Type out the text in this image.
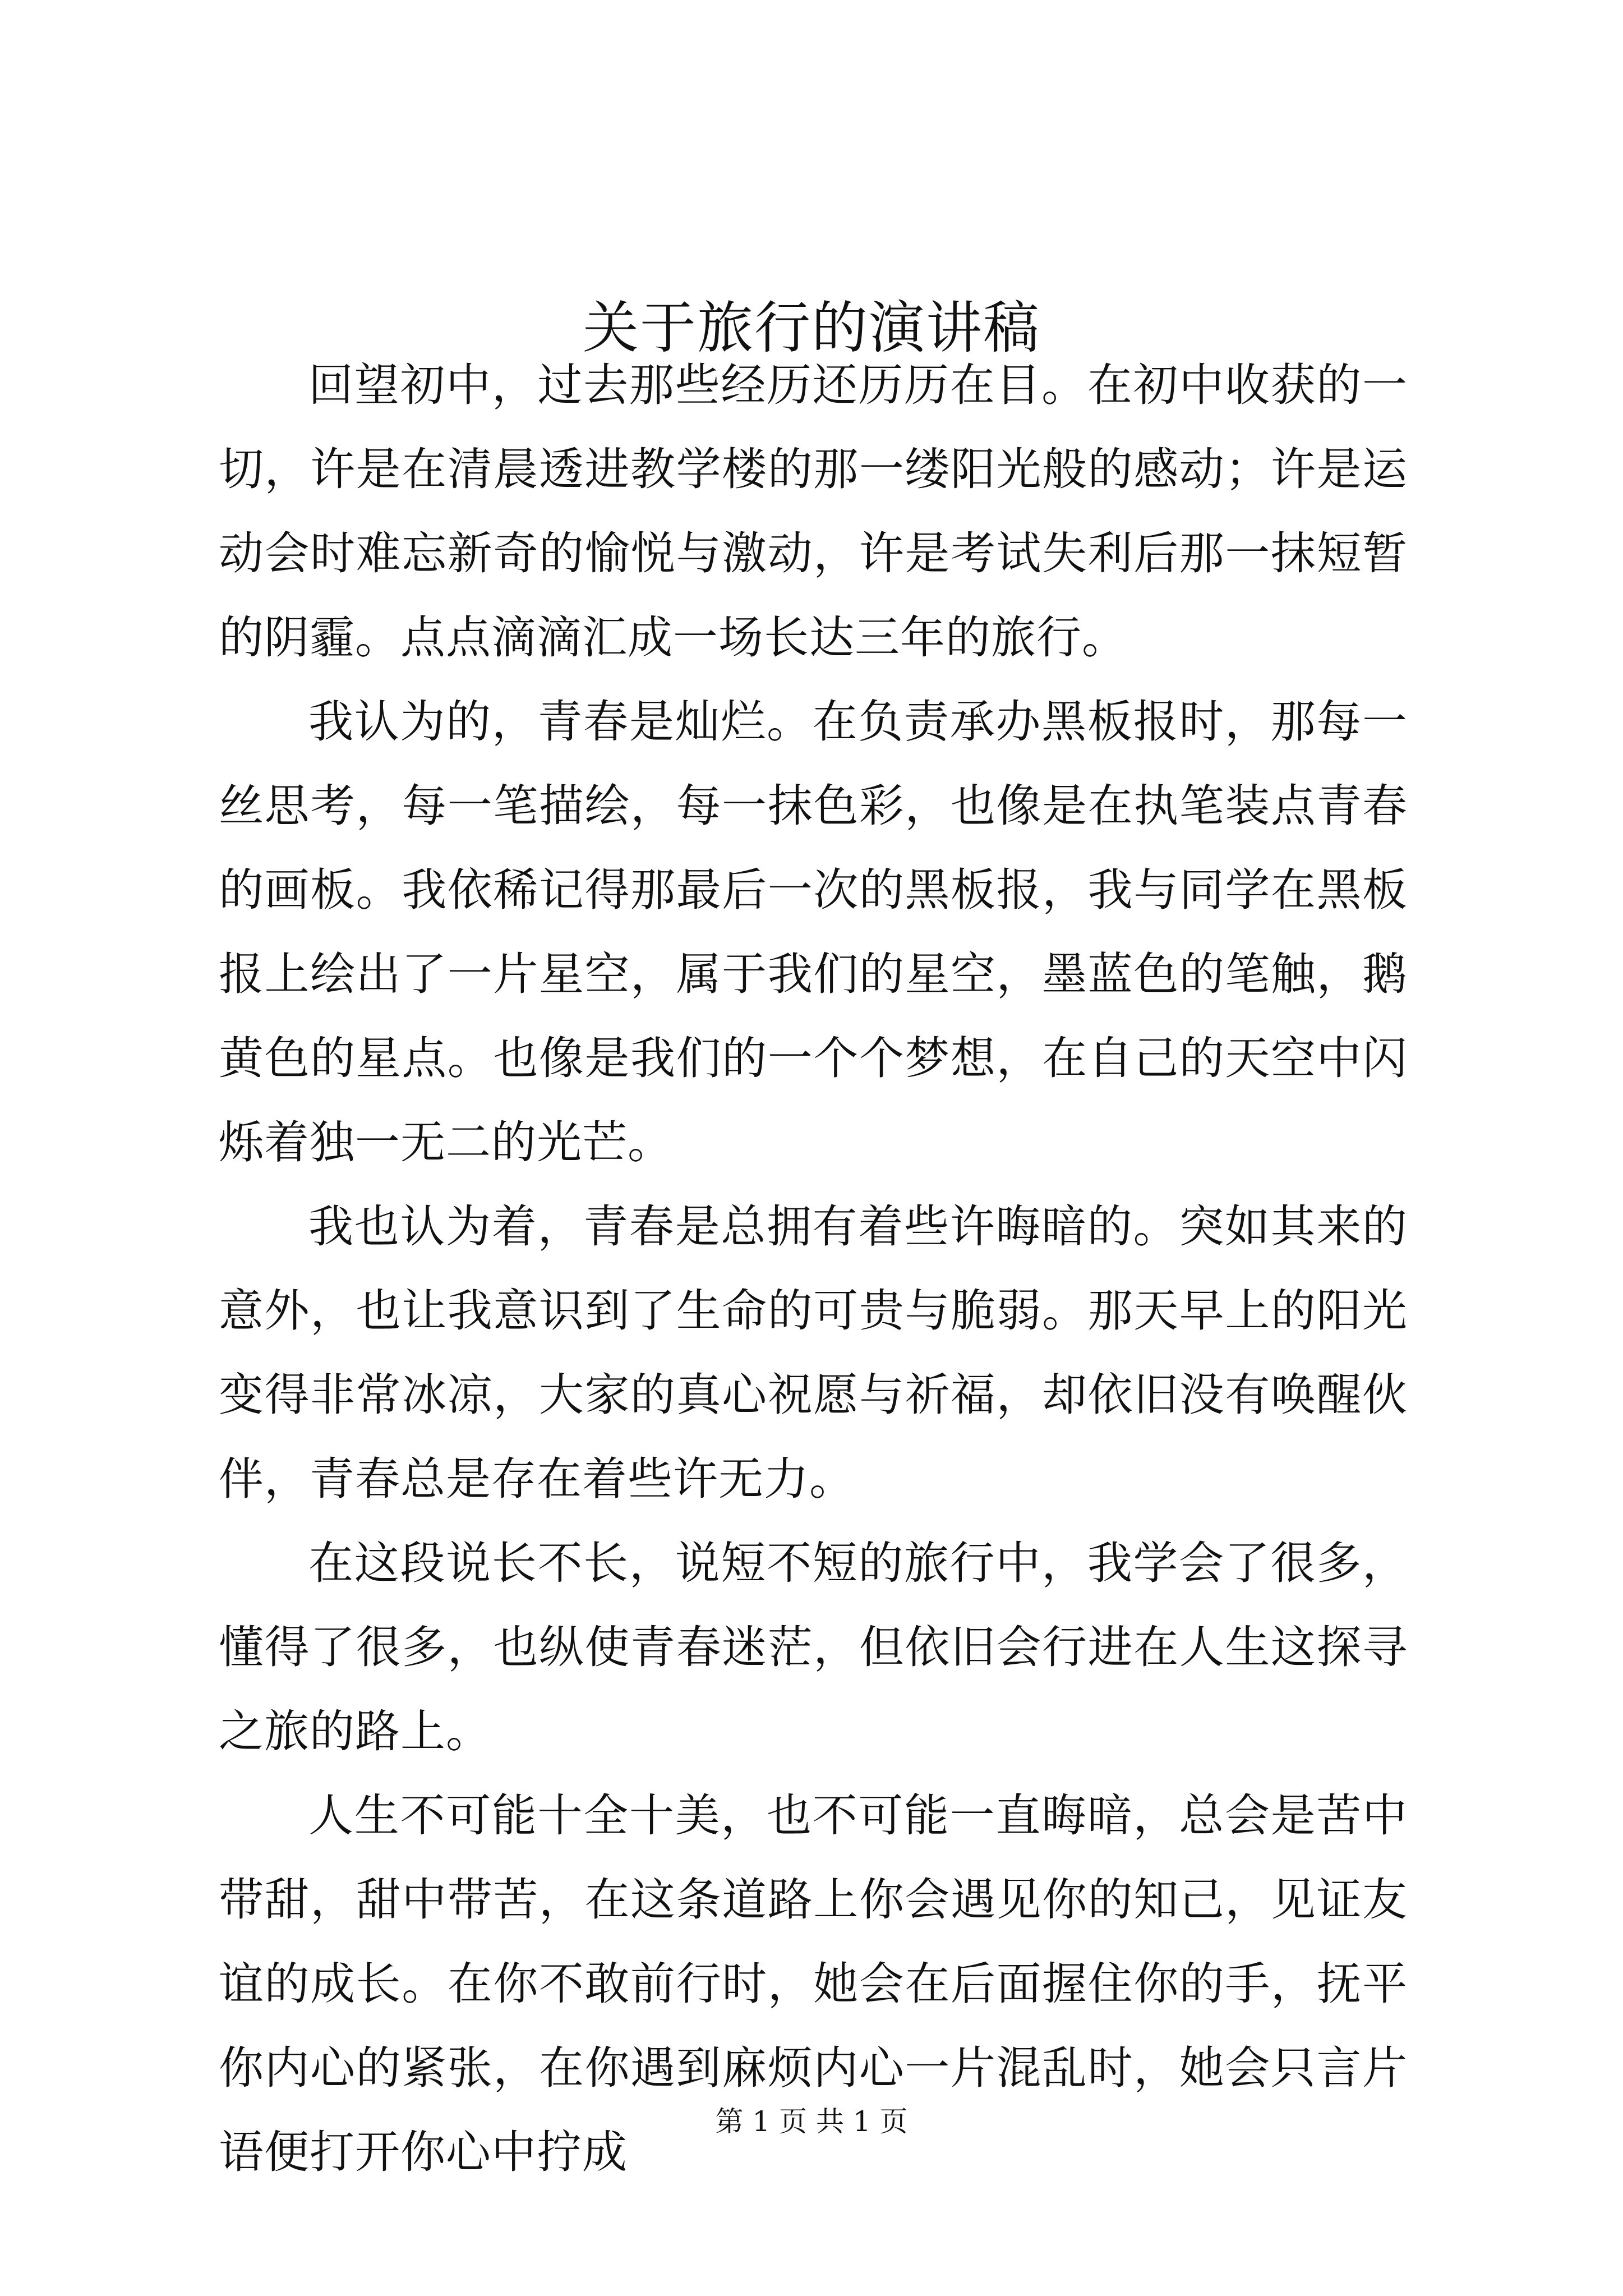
关于旅行的演讲稿

回望初中，过去那些经历还历历在目。在初中收获的一切，许是在清晨透进教学楼的那一缕阳光般的感动；许是运动会时难忘新奇的愉悦与激动，许是考试失利后那一抹短暂的阴霾。点点滴滴汇成一场长达三年的旅行。

我认为的，青春是灿烂。在负责承办黑板报时，那每一丝思考，每一笔描绘，每一抹色彩，也像是在执笔装点青春的画板。我依稀记得那最后一次的黑板报，我与同学在黑板报上绘出了一片星空，属于我们的星空，墨蓝色的笔触，鹅黄色的星点。也像是我们的一个个梦想，在自己的天空中闪烁着独一无二的光芒。

我也认为着，青春是总拥有着些许晦暗的。突如其来的意外，也让我意识到了生命的可贵与脆弱。那天早上的阳光变得非常冰凉，大家的真心祝愿与祈福，却依旧没有唤醒伙伴，青春总是存在着些许无力。

在这段说长不长，说短不短的旅行中，我学会了很多，懂得了很多，也纵使青春迷茫，但依旧会行进在人生这探寻之旅的路上。

人生不可能十全十美，也不可能一直晦暗，总会是苦中带甜，甜中带苦，在这条道路上你会遇见你的知己，见证友谊的成长。在你不敢前行时，她会在后面握住你的手，抚平你内心的紧张，在你遇到麻烦内心一片混乱时，她会只言片语便打开你心中拧成

第 1 页 共 1 页
